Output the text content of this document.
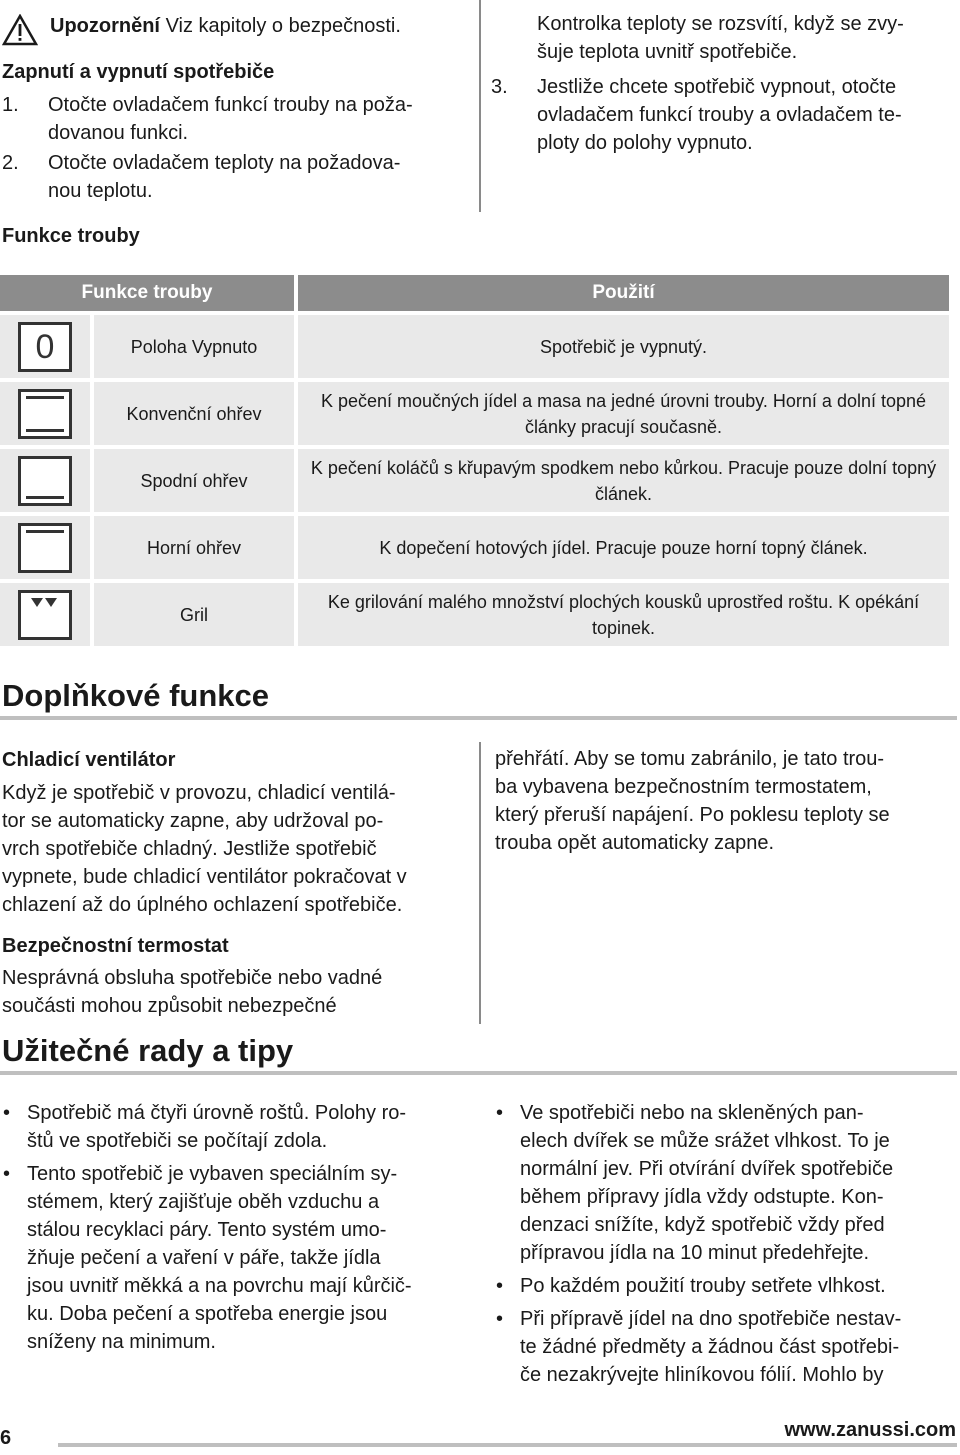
Upozornění Viz kapitoly o bezpečnosti.
Zapnutí a vypnutí spotřebiče
1. Otočte ovladačem funkcí trouby na poža-
dovanou funkci.
2. Otočte ovladačem teploty na požadova-
nou teplotu.

Kontrolka teploty se rozsvítí, když se zvy-
šuje teplota uvnitř spotřebiče.

3. Jestliže chcete spotřebič vypnout, otočte
ovladačem funkcí trouby a ovladačem te-
ploty do polohy vypnuto.
Funkce trouby
Funkce trouby		Použití

0	Poloha Vypnuto	Spotřebič je vypnutý.

	Konvenční ohřev	K pečení moučných jídel a masa na jedné úrovni trouby. Horní a dolní topné články pracují současně.

	Spodní ohřev	K pečení koláčů s křupavým spodkem nebo kůrkou. Pracuje pouze dolní topný článek.

	Horní ohřev	K dopečení hotových jídel. Pracuje pouze horní topný článek.

	Gril	Ke grilování malého množství plochých kousků uprostřed roštu. K opékání topinek.
Doplňkové funkce
Chladicí ventilátor

Když je spotřebič v provozu, chladicí ventilá-
tor se automaticky zapne, aby udržoval po-
vrch spotřebiče chladný. Jestliže spotřebič
vypnete, bude chladicí ventilátor pokračovat v
chlazení až do úplného ochlazení spotřebiče.

Bezpečnostní termostat

Nesprávná obsluha spotřebiče nebo vadné
součásti mohou způsobit nebezpečné

přehřátí. Aby se tomu zabránilo, je tato trou-
ba vybavena bezpečnostním termostatem,
který přeruší napájení. Po poklesu teploty se
trouba opět automaticky zapne.

Užitečné rady a tipy
• Spotřebič má čtyři úrovně roštů. Polohy ro-
štů ve spotřebiči se počítají zdola.
• Tento spotřebič je vybaven speciálním sy-
stémem, který zajišťuje oběh vzduchu a
stálou recyklaci páry. Tento systém umo-
žňuje pečení a vaření v páře, takže jídla
jsou uvnitř měkká a na povrchu mají kůrčič-
ku. Doba pečení a spotřeba energie jsou
sníženy na minimum.
• Ve spotřebiči nebo na skleněných pan-
elech dvířek se může srážet vlhkost. To je
normální jev. Při otvírání dvířek spotřebiče
během přípravy jídla vždy odstupte. Kon-
denzaci snížíte, když spotřebič vždy před
přípravou jídla na 10 minut předehřejte.
• Po každém použití trouby setřete vlhkost.
• Při přípravě jídel na dno spotřebiče nestav-
te žádné předměty a žádnou část spotřebi-
če nezakrývejte hliníkovou fólií. Mohlo by
6	www.zanussi.com
